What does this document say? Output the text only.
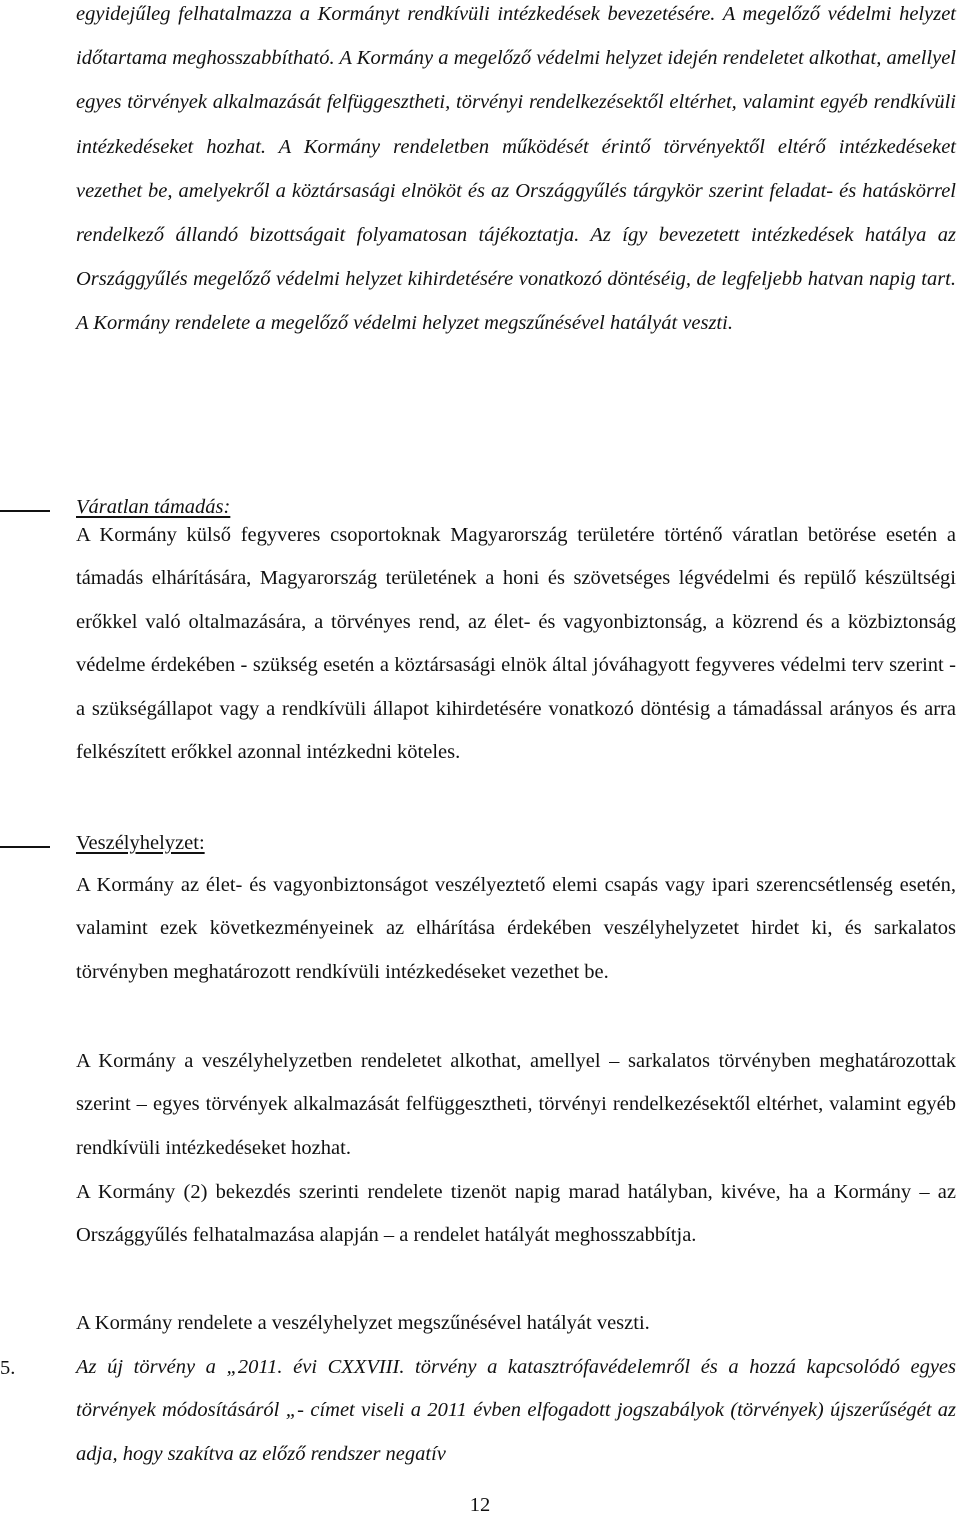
egyidejűleg felhatalmazza a Kormányt rendkívüli intézkedések bevezetésére. A megelőző védelmi helyzet időtartama meghosszabbítható. A Kormány a megelőző védelmi helyzet idején rendeletet alkothat, amellyel egyes törvények alkalmazását felfüggesztheti, törvényi rendelkezésektől eltérhet, valamint egyéb rendkívüli intézkedéseket hozhat. A Kormány rendeletben működését érintő törvényektől eltérő intézkedéseket vezethet be, amelyekről a köztársasági elnököt és az Országgyűlés tárgykör szerint feladat- és hatáskörrel rendelkező állandó bizottságait folyamatosan tájékoztatja. Az így bevezetett intézkedések hatálya az Országgyűlés megelőző védelmi helyzet kihirdetésére vonatkozó döntéséig, de legfeljebb hatvan napig tart. A Kormány rendelete a megelőző védelmi helyzet megszűnésével hatályát veszti.
Váratlan támadás:
A Kormány külső fegyveres csoportoknak Magyarország területére történő váratlan betörése esetén a támadás elhárítására, Magyarország területének a honi és szövetséges légvédelmi és repülő készültségi erőkkel való oltalmazására, a törvényes rend, az élet- és vagyonbiztonság, a közrend és a közbiztonság védelme érdekében - szükség esetén a köztársasági elnök által jóváhagyott fegyveres védelmi terv szerint - a szükségállapot vagy a rendkívüli állapot kihirdetésére vonatkozó döntésig a támadással arányos és arra felkészített erőkkel azonnal intézkedni köteles.
Veszélyhelyzet:
A Kormány az élet- és vagyonbiztonságot veszélyeztető elemi csapás vagy ipari szerencsétlenség esetén, valamint ezek következményeinek az elhárítása érdekében veszélyhelyzetet hirdet ki, és sarkalatos törvényben meghatározott rendkívüli intézkedéseket vezethet be.
A Kormány a veszélyhelyzetben rendeletet alkothat, amellyel – sarkalatos törvényben meghatározottak szerint – egyes törvények alkalmazását felfüggesztheti, törvényi rendelkezésektől eltérhet, valamint egyéb rendkívüli intézkedéseket hozhat.
A Kormány (2) bekezdés szerinti rendelete tizenöt napig marad hatályban, kivéve, ha a Kormány – az Országgyűlés felhatalmazása alapján – a rendelet hatályát meghosszabbítja.
A Kormány rendelete a veszélyhelyzet megszűnésével hatályát veszti.
5.	Az új törvény a „2011. évi CXXVIII. törvény a katasztrófavédelemről és a hozzá kapcsolódó egyes törvények módosításáról „- címet viseli a 2011 évben elfogadott jogszabályok (törvények) újszerűségét az adja, hogy szakítva az előző rendszer negatív
12
